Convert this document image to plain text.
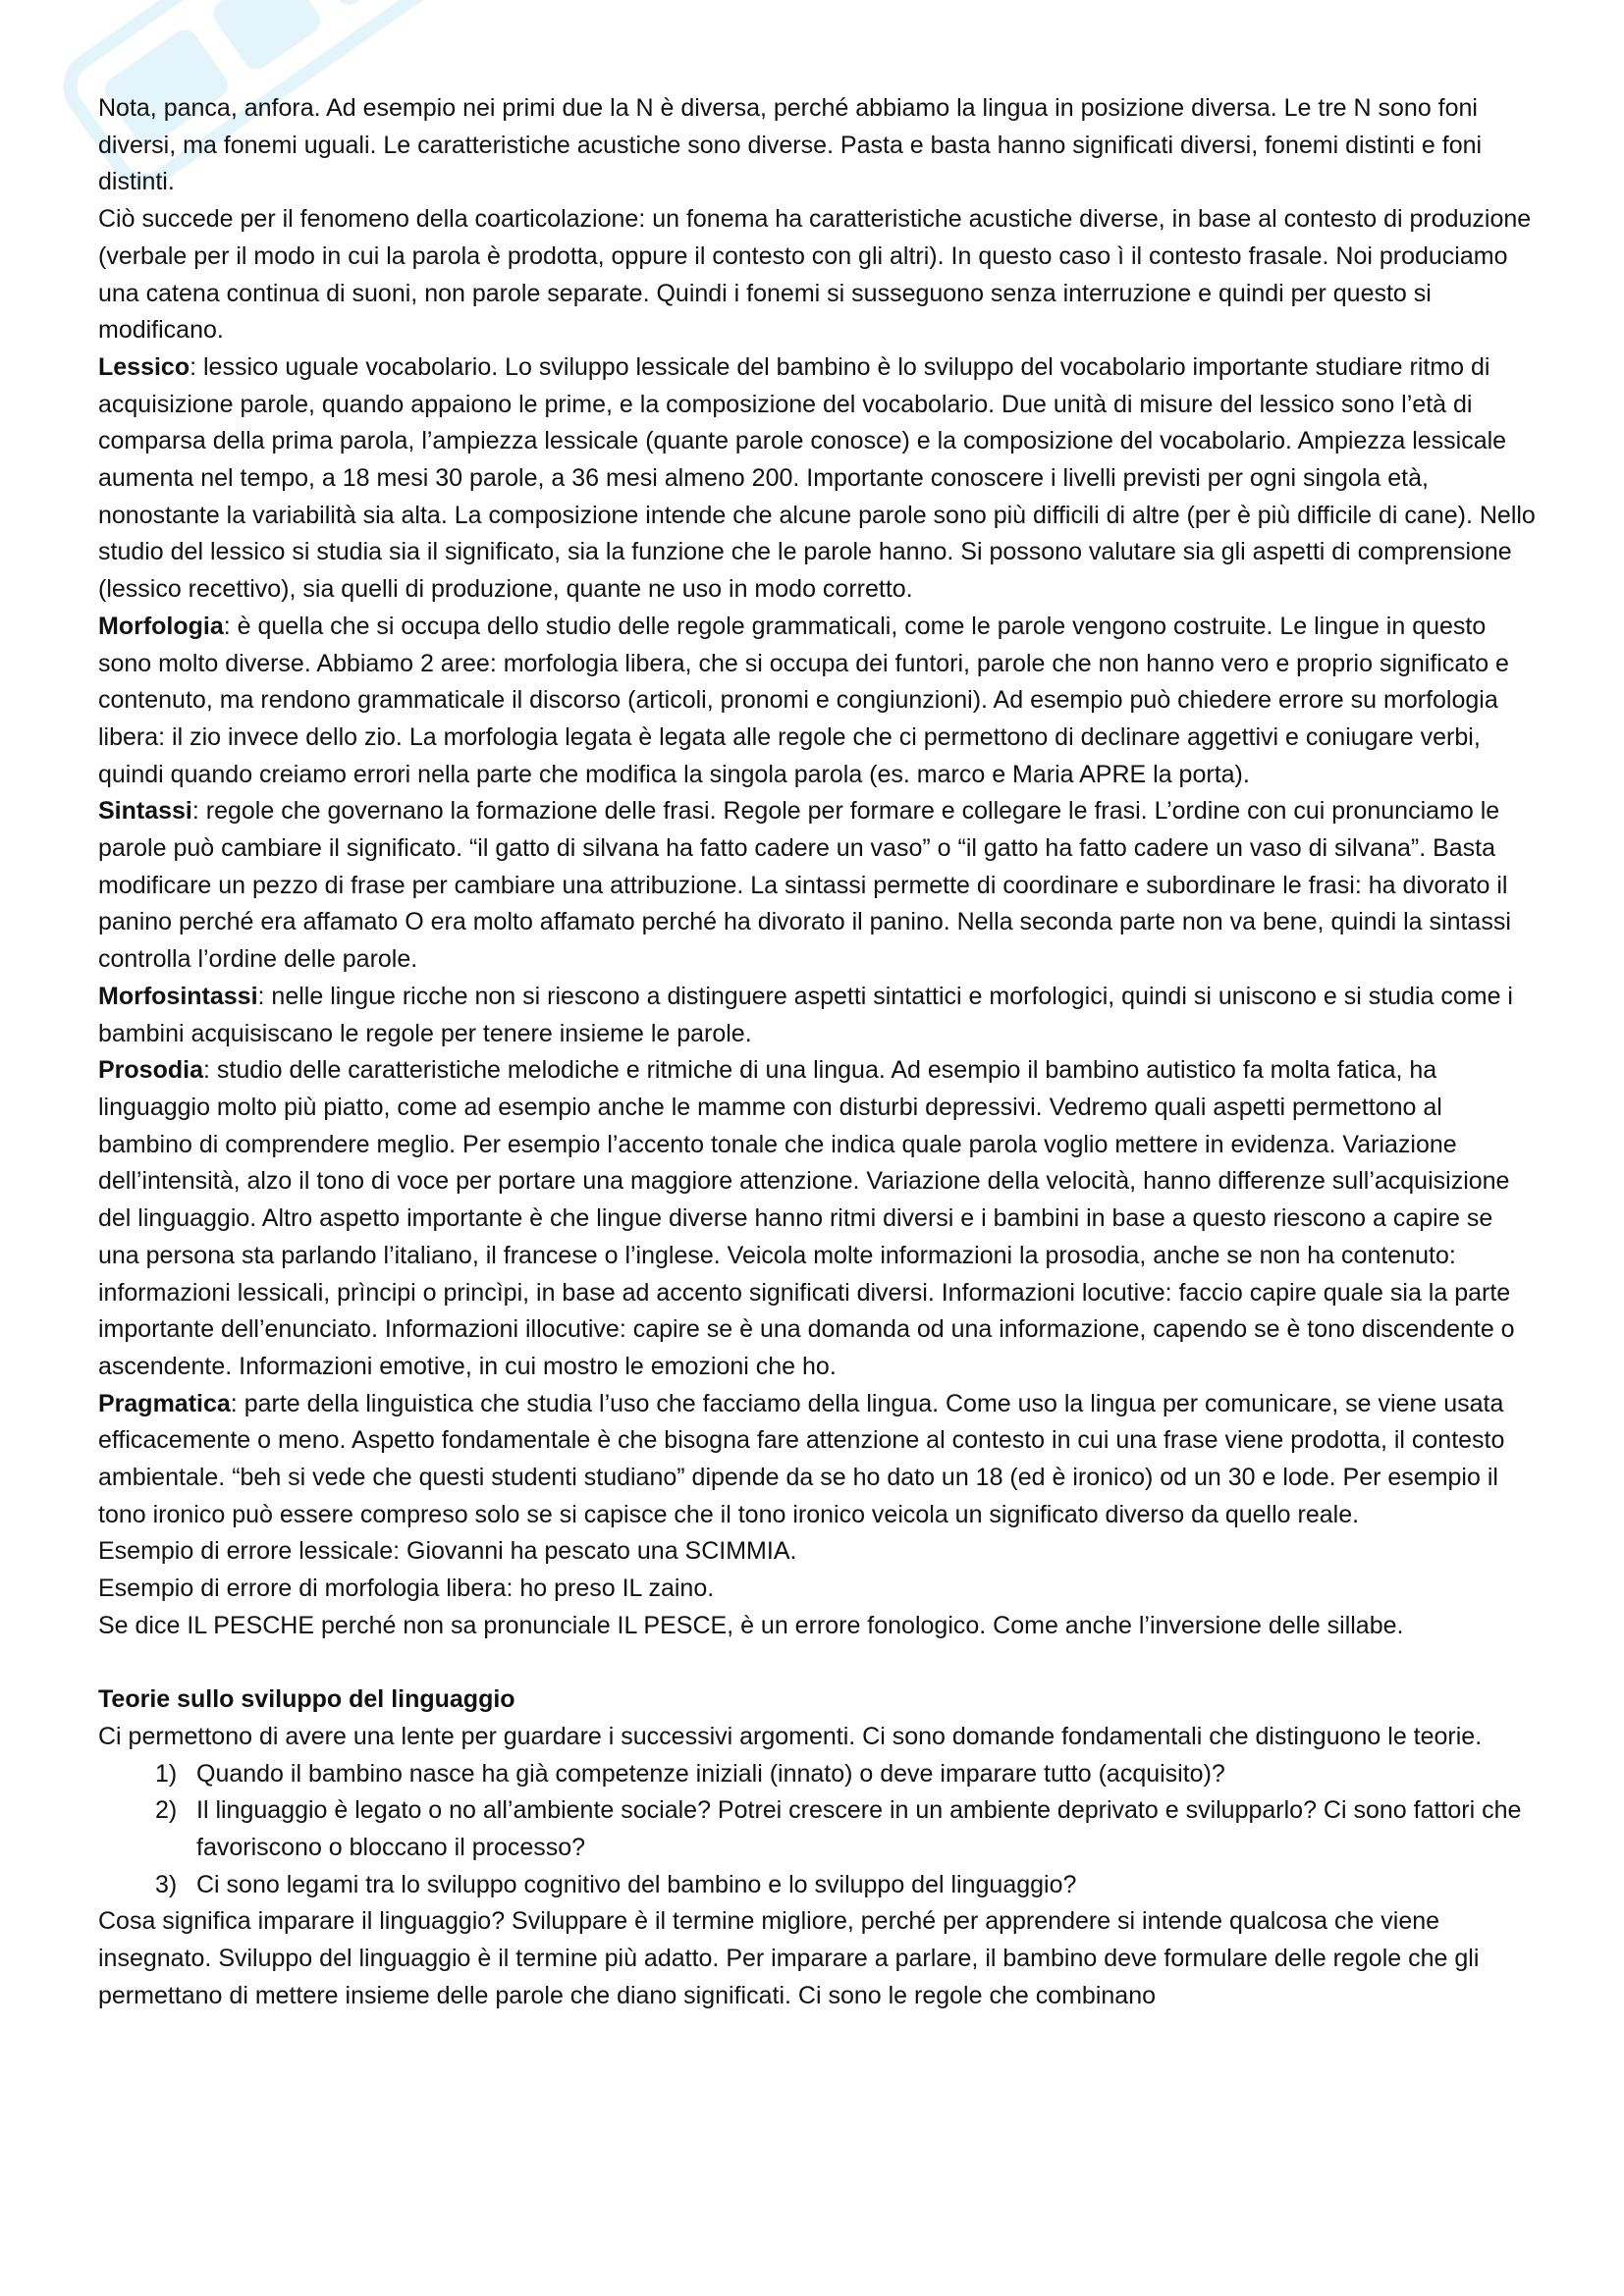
Nota, panca, anfora. Ad esempio nei primi due la N è diversa, perché abbiamo la lingua in posizione diversa. Le tre N sono foni diversi, ma fonemi uguali. Le caratteristiche acustiche sono diverse. Pasta e basta hanno significati diversi, fonemi distinti e foni distinti.

Ciò succede per il fenomeno della coarticolazione: un fonema ha caratteristiche acustiche diverse, in base al contesto di produzione (verbale per il modo in cui la parola è prodotta, oppure il contesto con gli altri). In questo caso ì il contesto frasale. Noi produciamo una catena continua di suoni, non parole separate. Quindi i fonemi si susseguono senza interruzione e quindi per questo si modificano.

Lessico: lessico uguale vocabolario. Lo sviluppo lessicale del bambino è lo sviluppo del vocabolario importante studiare ritmo di acquisizione parole, quando appaiono le prime, e la composizione del vocabolario. Due unità di misure del lessico sono l’età di comparsa della prima parola, l’ampiezza lessicale (quante parole conosce) e la composizione del vocabolario. Ampiezza lessicale aumenta nel tempo, a 18 mesi 30 parole, a 36 mesi almeno 200. Importante conoscere i livelli previsti per ogni singola età, nonostante la variabilità sia alta. La composizione intende che alcune parole sono più difficili di altre (per è più difficile di cane). Nello studio del lessico si studia sia il significato, sia la funzione che le parole hanno. Si possono valutare sia gli aspetti di comprensione (lessico recettivo), sia quelli di produzione, quante ne uso in modo corretto.

Morfologia: è quella che si occupa dello studio delle regole grammaticali, come le parole vengono costruite. Le lingue in questo sono molto diverse. Abbiamo 2 aree: morfologia libera, che si occupa dei funtori, parole che non hanno vero e proprio significato e contenuto, ma rendono grammaticale il discorso (articoli, pronomi e congiunzioni). Ad esempio può chiedere errore su morfologia libera: il zio invece dello zio. La morfologia legata è legata alle regole che ci permettono di declinare aggettivi e coniugare verbi, quindi quando creiamo errori nella parte che modifica la singola parola (es. marco e Maria APRE la porta).

Sintassi: regole che governano la formazione delle frasi. Regole per formare e collegare le frasi. L’ordine con cui pronunciamo le parole può cambiare il significato. “il gatto di silvana ha fatto cadere un vaso” o “il gatto ha fatto cadere un vaso di silvana”. Basta modificare un pezzo di frase per cambiare una attribuzione. La sintassi permette di coordinare e subordinare le frasi: ha divorato il panino perché era affamato O era molto affamato perché ha divorato il panino. Nella seconda parte non va bene, quindi la sintassi controlla l’ordine delle parole.

Morfosintassi: nelle lingue ricche non si riescono a distinguere aspetti sintattici e morfologici, quindi si uniscono e si studia come i bambini acquisiscano le regole per tenere insieme le parole.

Prosodia: studio delle caratteristiche melodiche e ritmiche di una lingua. Ad esempio il bambino autistico fa molta fatica, ha linguaggio molto più piatto, come ad esempio anche le mamme con disturbi depressivi. Vedremo quali aspetti permettono al bambino di comprendere meglio. Per esempio l’accento tonale che indica quale parola voglio mettere in evidenza. Variazione dell’intensità, alzo il tono di voce per portare una maggiore attenzione. Variazione della velocità, hanno differenze sull’acquisizione del linguaggio. Altro aspetto importante è che lingue diverse hanno ritmi diversi e i bambini in base a questo riescono a capire se una persona sta parlando l’italiano, il francese o l’inglese. Veicola molte informazioni la prosodia, anche se non ha contenuto: informazioni lessicali, prìncipi o princìpi, in base ad accento significati diversi. Informazioni locutive: faccio capire quale sia la parte importante dell’enunciato. Informazioni illocutive: capire se è una domanda od una informazione, capendo se è tono discendente o ascendente. Informazioni emotive, in cui mostro le emozioni che ho.

Pragmatica: parte della linguistica che studia l’uso che facciamo della lingua. Come uso la lingua per comunicare, se viene usata efficacemente o meno. Aspetto fondamentale è che bisogna fare attenzione al contesto in cui una frase viene prodotta, il contesto ambientale. “beh si vede che questi studenti studiano” dipende da se ho dato un 18 (ed è ironico) od un 30 e lode. Per esempio il tono ironico può essere compreso solo se si capisce che il tono ironico veicola un significato diverso da quello reale.

Esempio di errore lessicale: Giovanni ha pescato una SCIMMIA.

Esempio di errore di morfologia libera: ho preso IL zaino.

Se dice IL PESCHE perché non sa pronunciale IL PESCE, è un errore fonologico. Come anche l’inversione delle sillabe.

Teorie sullo sviluppo del linguaggio

Ci permettono di avere una lente per guardare i successivi argomenti. Ci sono domande fondamentali che distinguono le teorie.

1) Quando il bambino nasce ha già competenze iniziali (innato) o deve imparare tutto (acquisito)?
2) Il linguaggio è legato o no all’ambiente sociale? Potrei crescere in un ambiente deprivato e svilupparlo? Ci sono fattori che favoriscono o bloccano il processo?
3) Ci sono legami tra lo sviluppo cognitivo del bambino e lo sviluppo del linguaggio?

Cosa significa imparare il linguaggio? Sviluppare è il termine migliore, perché per apprendere si intende qualcosa che viene insegnato. Sviluppo del linguaggio è il termine più adatto. Per imparare a parlare, il bambino deve formulare delle regole che gli permettano di mettere insieme delle parole che diano significati. Ci sono le regole che combinano
